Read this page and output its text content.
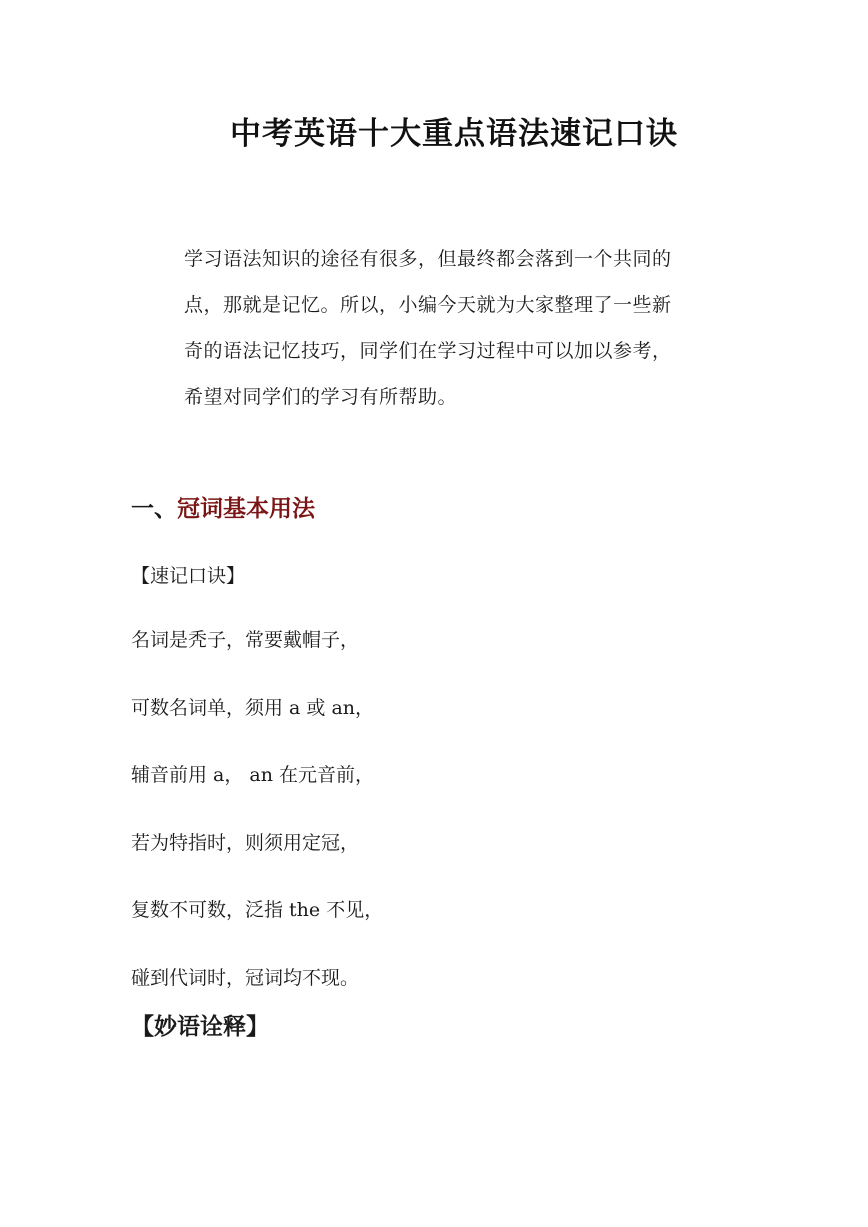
中考英语十大重点语法速记口诀
学习语法知识的途径有很多，但最终都会落到一个共同的
点，那就是记忆。所以，小编今天就为大家整理了一些新
奇的语法记忆技巧，同学们在学习过程中可以加以参考，
希望对同学们的学习有所帮助。
一、冠词基本用法
【速记口诀】
名词是秃子，常要戴帽子，
可数名词单，须用 a 或 an，
辅音前用 a， an 在元音前，
若为特指时，则须用定冠，
复数不可数，泛指 the 不见，
碰到代词时，冠词均不现。
【妙语诠释】
